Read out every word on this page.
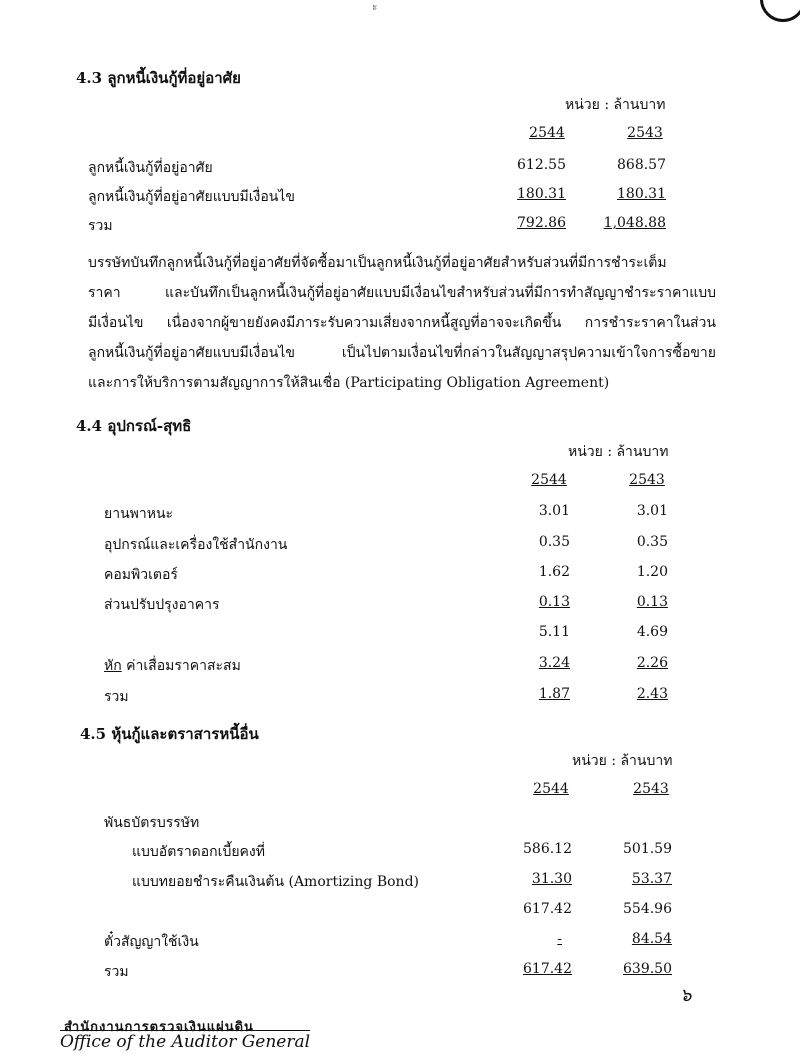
ะ
4.3 ลูกหนี้เงินกู้ที่อยู่อาศัย
หน่วย : ล้านบาท
2544	2543
ลูกหนี้เงินกู้ที่อยู่อาศัย	612.55	868.57
ลูกหนี้เงินกู้ที่อยู่อาศัยแบบมีเงื่อนไข	180.31	180.31
รวม	792.86	1,048.88

บรรษัทบันทึกลูกหนี้เงินกู้ที่อยู่อาศัยที่จัดซื้อมาเป็นลูกหนี้เงินกู้ที่อยู่อาศัยสำหรับส่วนที่มีการชำระเต็ม

ราคา และบันทึกเป็นลูกหนี้เงินกู้ที่อยู่อาศัยแบบมีเงื่อนไขสำหรับส่วนที่มีการทำสัญญาชำระราคาแบบ

มีเงื่อนไข เนื่องจากผู้ขายยังคงมีภาระรับความเสี่ยงจากหนี้สูญที่อาจจะเกิดขึ้น การชำระราคาในส่วน

ลูกหนี้เงินกู้ที่อยู่อาศัยแบบมีเงื่อนไข เป็นไปตามเงื่อนไขที่กล่าวในสัญญาสรุปความเข้าใจการซื้อขาย

และการให้บริการตามสัญญาการให้สินเชื่อ (Participating Obligation Agreement)

4.4 อุปกรณ์-สุทธิ
หน่วย : ล้านบาท
2544	2543
ยานพาหนะ	3.01	3.01
อุปกรณ์และเครื่องใช้สำนักงาน	0.35	0.35
คอมพิวเตอร์	1.62	1.20
ส่วนปรับปรุงอาคาร	0.13	0.13
5.11	4.69
หัก ค่าเสื่อมราคาสะสม	3.24	2.26
รวม	1.87	2.43
4.5 หุ้นกู้และตราสารหนี้อื่น
หน่วย : ล้านบาท
2544	2543
พันธบัตรบรรษัท
แบบอัตราดอกเบี้ยคงที่	586.12	501.59
แบบทยอยชำระคืนเงินต้น (Amortizing Bond)	31.30	53.37
617.42	554.96
ตั๋วสัญญาใช้เงิน	-	84.54
รวม	617.42	639.50
๖
สำนักงานการตรวจเงินแผ่นดิน
Office of the Auditor General
